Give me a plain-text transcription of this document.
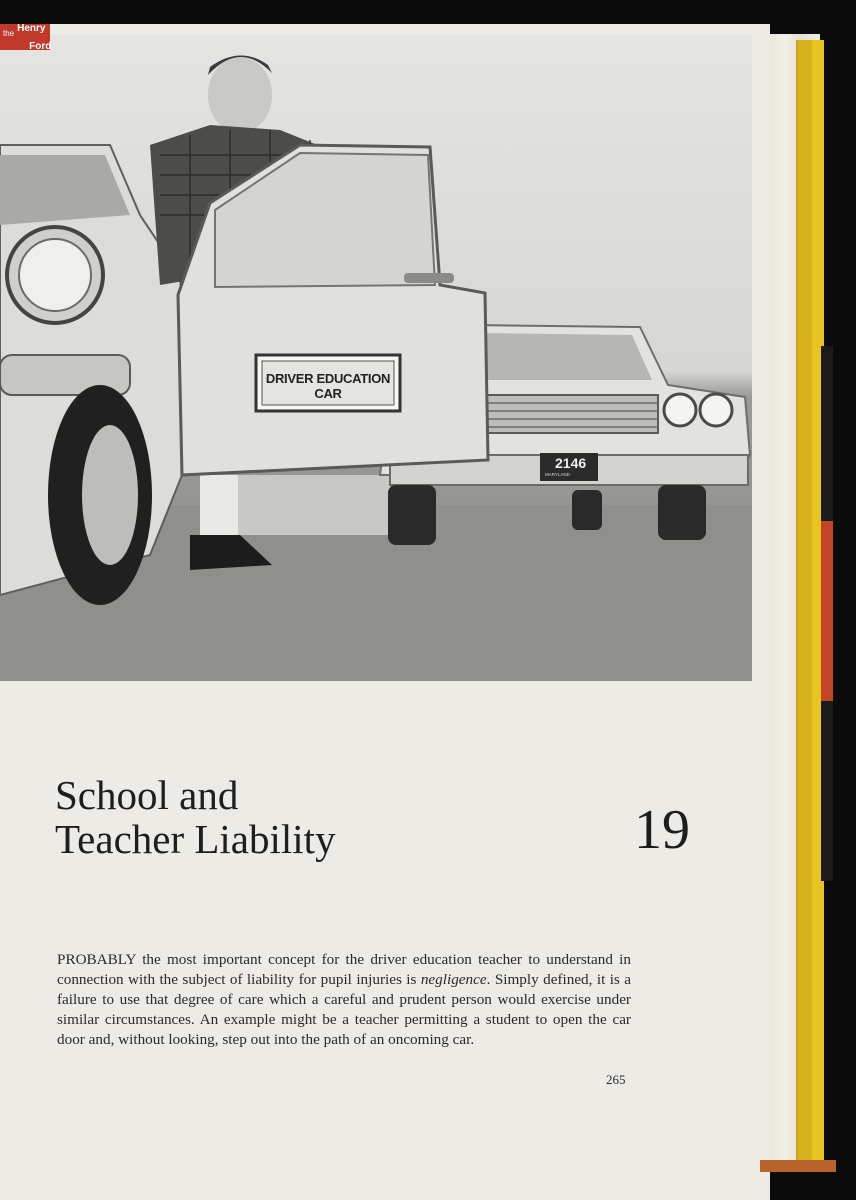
DRIVER EDUCATION CAR
2146
MARYLAND
the Henry

Ford
School and
Teacher Liability	19

PROBABLY the most important concept for the driver education teacher to understand in connection with the subject of liability for pupil injuries is negligence. Simply defined, it is a failure to use that degree of care which a careful and prudent person would exercise under similar circumstances. An example might be a teacher permitting a student to open the car door and, without looking, step out into the path of an oncoming car.

265
